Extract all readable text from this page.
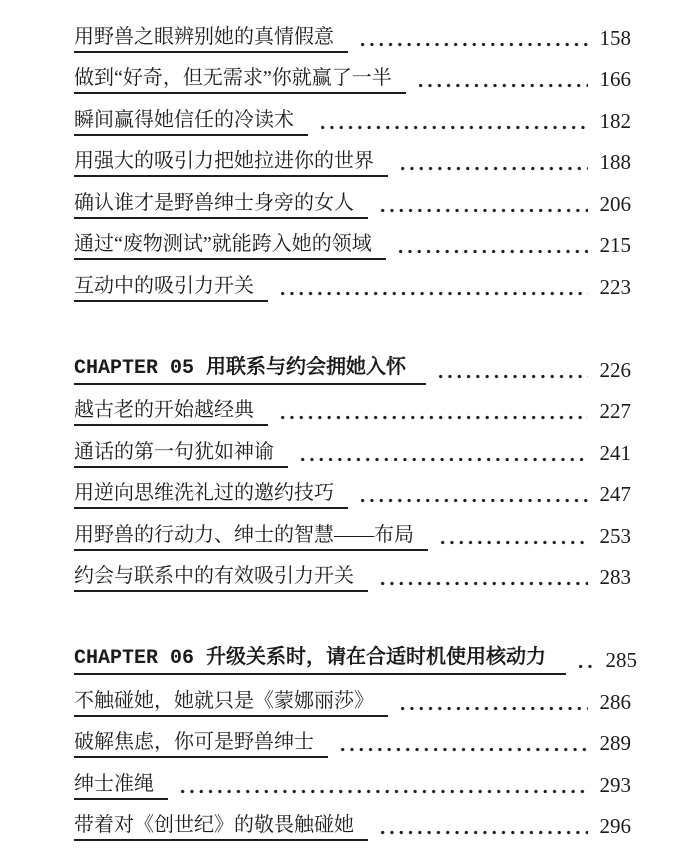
用野兽之眼辨别她的真情假意	158
做到“好奇，但无需求”你就赢了一半	166
瞬间赢得她信任的冷读术	182
用强大的吸引力把她拉进你的世界	188
确认谁才是野兽绅士身旁的女人	206
通过“废物测试”就能跨入她的领域	215
互动中的吸引力开关	223
CHAPTER 05 用联系与约会拥她入怀	226
越古老的开始越经典	227
通话的第一句犹如神谕	241
用逆向思维洗礼过的邀约技巧	247
用野兽的行动力、绅士的智慧——布局	253
约会与联系中的有效吸引力开关	283
CHAPTER 06 升级关系时，请在合适时机使用核动力	285
不触碰她，她就只是《蒙娜丽莎》	286
破解焦虑，你可是野兽绅士	289
绅士准绳	293
带着对《创世纪》的敬畏触碰她	296
